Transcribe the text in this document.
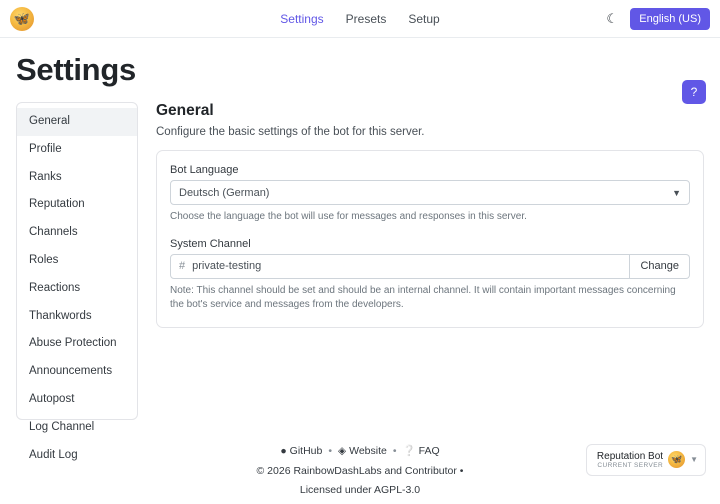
🦋	Settings Presets Setup	☾	English (US)
Settings
?
General
Profile
Ranks
Reputation
Channels
Roles
Reactions
Thankwords
Abuse Protection
Announcements
Autopost
Log Channel
Audit Log
General
Configure the basic settings of the bot for this server.
Bot Language
Deutsch (German)	▼
Choose the language the bot will use for messages and responses in this server.
System Channel
# private-testing	Change
Note: This channel should be set and should be an internal channel. It will contain important messages concerning the bot's service and messages from the developers.
● GitHub • ◈ Website • ❔ FAQ
© 2026 RainbowDashLabs and Contributor •
Licensed under AGPL-3.0
Reputation Bot
CURRENT SERVER
🦋 ▼
